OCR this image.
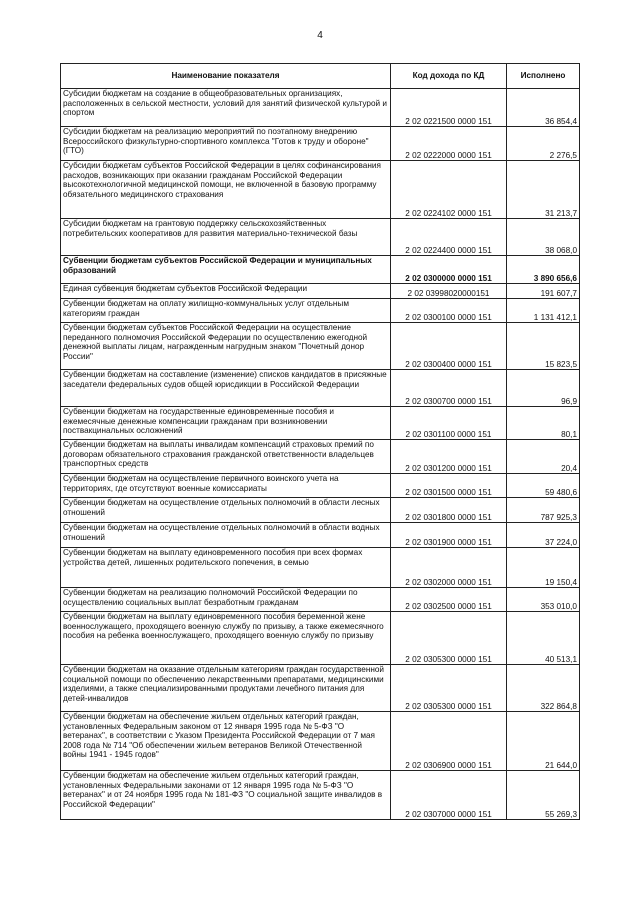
4
Наименование показателя	Код дохода по КД	Исполнено
Субсидии бюджетам на создание в общеобразовательных организациях, расположенных в сельской местности, условий для занятий физической культурой и спортом	2 02 0221500 0000 151	36 854,4
Субсидии бюджетам на реализацию мероприятий по поэтапному внедрению Всероссийского физкультурно-спортивного комплекса "Готов к труду и обороне" (ГТО)	2 02 0222000 0000 151	2 276,5
Субсидии бюджетам субъектов Российской Федерации в целях софинансирования расходов, возникающих при оказании гражданам Российской Федерации высокотехнологичной медицинской помощи, не включенной в базовую программу обязательного медицинского страхования	2 02 0224102 0000 151	31 213,7
Субсидии бюджетам на грантовую поддержку сельскохозяйственных потребительских кооперативов для развития материально-технической базы	2 02 0224400 0000 151	38 068,0
Субвенции бюджетам субъектов Российской Федерации и муниципальных образований	2 02 0300000 0000 151	3 890 656,6
Единая субвенция бюджетам субъектов Российской Федерации	2 02 03998020000151	191 607,7
Субвенции бюджетам на оплату жилищно-коммунальных услуг отдельным категориям граждан	2 02 0300100 0000 151	1 131 412,1
Субвенции бюджетам субъектов Российской Федерации на осуществление переданного полномочия Российской Федерации по осуществлению ежегодной денежной выплаты лицам, награжденным нагрудным знаком "Почетный донор России"	2 02 0300400 0000 151	15 823,5
Субвенции бюджетам на составление (изменение) списков кандидатов в присяжные заседатели федеральных судов общей юрисдикции в Российской Федерации	2 02 0300700 0000 151	96,9
Субвенции бюджетам на государственные единовременные пособия и ежемесячные денежные компенсации гражданам при возникновении поствакцинальных осложнений	2 02 0301100 0000 151	80,1
Субвенции бюджетам на выплаты инвалидам компенсаций страховых премий по договорам обязательного страхования гражданской ответственности владельцев транспортных средств	2 02 0301200 0000 151	20,4
Субвенции бюджетам на осуществление первичного воинского учета на территориях, где отсутствуют военные комиссариаты	2 02 0301500 0000 151	59 480,6
Субвенции бюджетам на осуществление отдельных полномочий в области лесных отношений	2 02 0301800 0000 151	787 925,3
Субвенции бюджетам на осуществление отдельных полномочий в области водных отношений	2 02 0301900 0000 151	37 224,0
Субвенции бюджетам на выплату единовременного пособия при всех формах устройства детей, лишенных родительского попечения, в семью	2 02 0302000 0000 151	19 150,4
Субвенции бюджетам на реализацию полномочий Российской Федерации по осуществлению социальных выплат безработным гражданам	2 02 0302500 0000 151	353 010,0
Субвенции бюджетам на выплату единовременного пособия беременной жене военнослужащего, проходящего военную службу по призыву, а также ежемесячного пособия на ребенка военнослужащего, проходящего военную службу по призыву	2 02 0305300 0000 151	40 513,1
Субвенции бюджетам на оказание отдельным категориям граждан государственной социальной помощи по обеспечению лекарственными препаратами, медицинскими изделиями, а также специализированными продуктами лечебного питания для детей-инвалидов	2 02 0305300 0000 151	322 864,8
Субвенции бюджетам на обеспечение жильем отдельных категорий граждан, установленных Федеральным законом от 12 января 1995 года № 5-ФЗ "О ветеранах", в соответствии с Указом Президента Российской Федерации от 7 мая 2008 года № 714 "Об обеспечении жильем ветеранов Великой Отечественной войны 1941 - 1945 годов"	2 02 0306900 0000 151	21 644,0
Субвенции бюджетам на обеспечение жильем отдельных категорий граждан, установленных Федеральными законами от 12 января 1995 года № 5-ФЗ "О ветеранах" и от 24 ноября 1995 года № 181-ФЗ "О социальной защите инвалидов в Российской Федерации"	2 02 0307000 0000 151	55 269,3
